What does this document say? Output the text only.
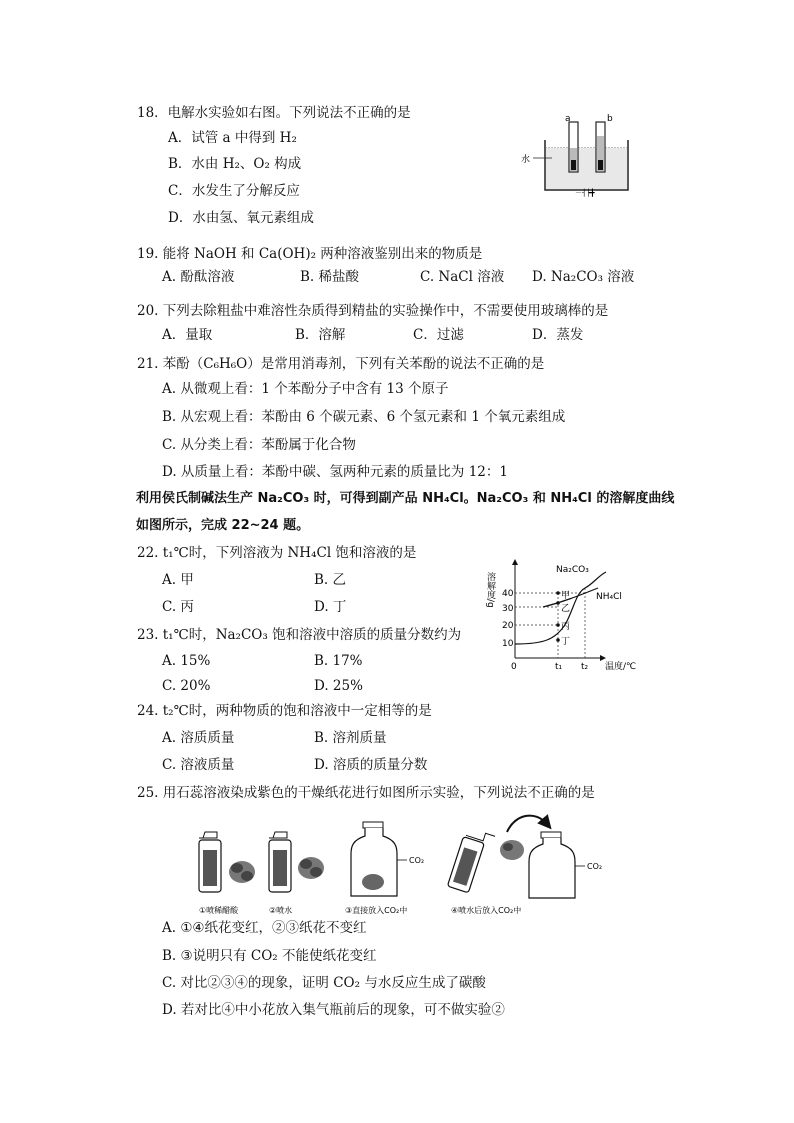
18．电解水实验如右图。下列说法不正确的是
A．试管 a 中得到 H₂
B．水由 H₂、O₂ 构成
C．水发生了分解反应
D．水由氢、氧元素组成
a	b
水
－┤┝╋
19. 能将 NaOH 和 Ca(OH)₂ 两种溶液鉴别出来的物质是
A. 酚酞溶液	B. 稀盐酸	C. NaCl 溶液 D. Na₂CO₃ 溶液
20. 下列去除粗盐中难溶性杂质得到精盐的实验操作中，不需要使用玻璃棒的是
A．量取	B．溶解	C．过滤	D．蒸发
21. 苯酚（C₆H₆O）是常用消毒剂，下列有关苯酚的说法不正确的是
A. 从微观上看：1 个苯酚分子中含有 13 个原子
B. 从宏观上看：苯酚由 6 个碳元素、6 个氢元素和 1 个氧元素组成
C. 从分类上看：苯酚属于化合物
D. 从质量上看：苯酚中碳、氢两种元素的质量比为 12：1
利用侯氏制碱法生产 Na₂CO₃ 时，可得到副产品 NH₄Cl。Na₂CO₃ 和 NH₄Cl 的溶解度曲线
如图所示，完成 22~24 题。
22. t₁℃时，下列溶液为 NH₄Cl 饱和溶液的是
A. 甲	B. 乙
C. 丙	D. 丁
23. t₁℃时，Na₂CO₃ 饱和溶液中溶质的质量分数约为
A. 15%	B. 17%
C. 20%	D. 25%
溶解度/g 40
30
20
10
0	t₁ t₂ 温度/℃
甲
乙
丙
丁
Na₂CO₃
NH₄Cl
24. t₂℃时，两种物质的饱和溶液中一定相等的是
A. 溶质质量	B. 溶剂质量
C. 溶液质量	D. 溶质的质量分数
25. 用石蕊溶液染成紫色的干燥纸花进行如图所示实验，下列说法不正确的是
CO₂
CO₂
①喷稀醋酸	②喷水	③直接放入CO₂中	④喷水后放入CO₂中
A. ①④纸花变红，②③纸花不变红
B. ③说明只有 CO₂ 不能使纸花变红
C. 对比②③④的现象，证明 CO₂ 与水反应生成了碳酸
D. 若对比④中小花放入集气瓶前后的现象，可不做实验②
